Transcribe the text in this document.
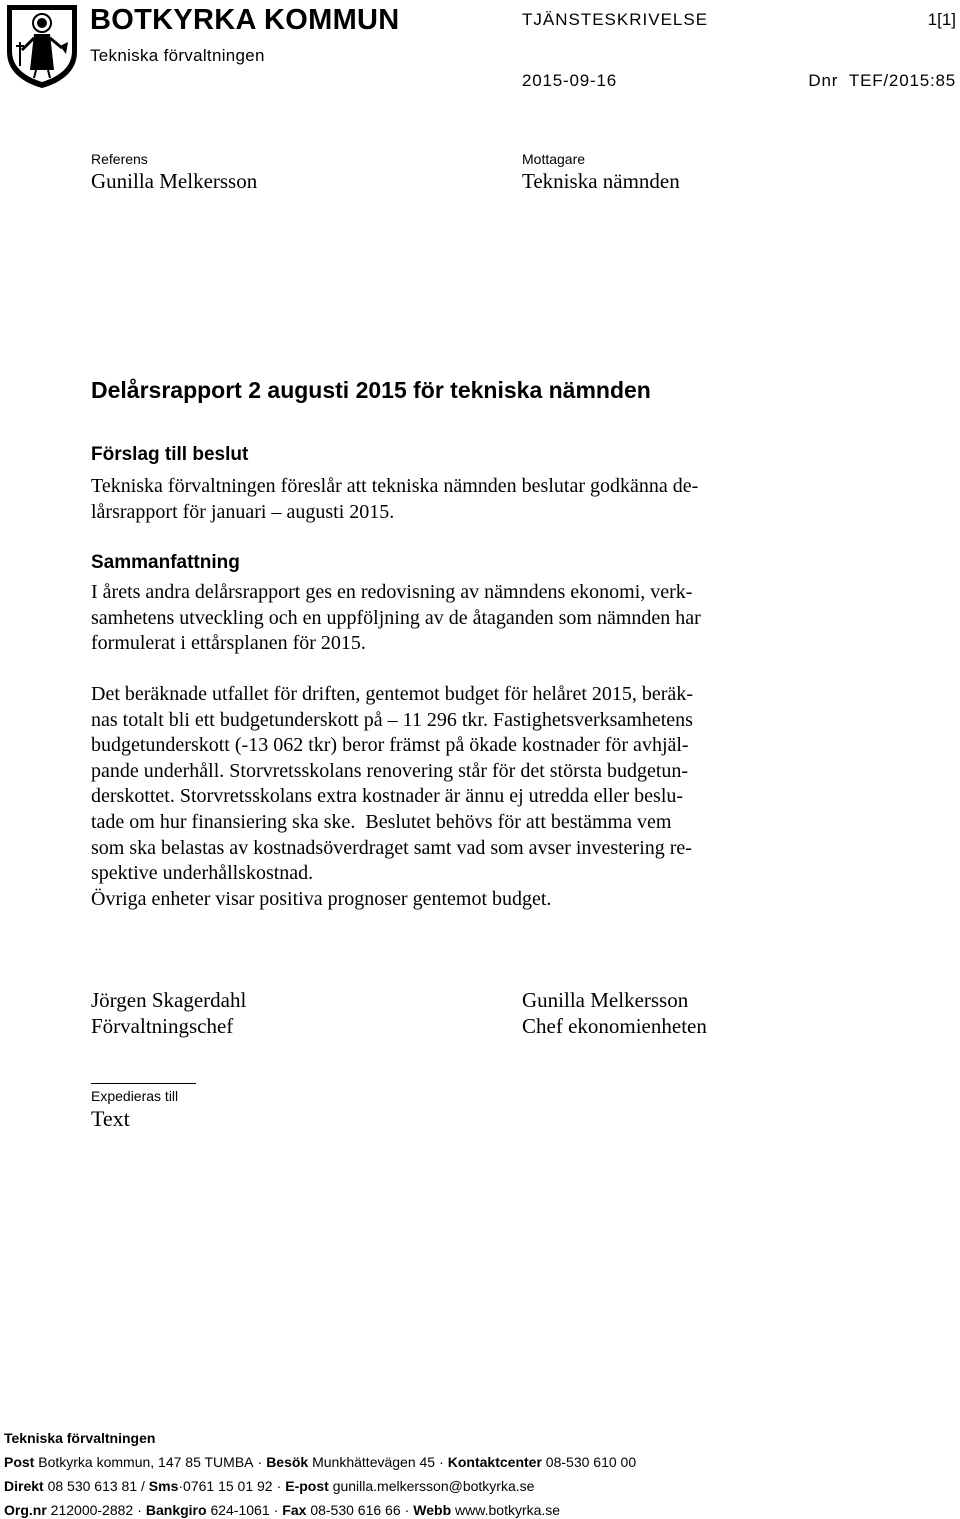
BOTKYRKA KOMMUN
Tekniska förvaltningen
TJÄNSTESKRIVELSE	1[1]
2015-09-16	Dnr  TEF/2015:85
Referens
Gunilla Melkersson
Mottagare
Tekniska nämnden
Delårsrapport 2 augusti 2015 för tekniska nämnden
Förslag till beslut
Tekniska förvaltningen föreslår att tekniska nämnden beslutar godkänna de-
lårsrapport för januari – augusti 2015.
Sammanfattning
I årets andra delårsrapport ges en redovisning av nämndens ekonomi, verk-
samhetens utveckling och en uppföljning av de åtaganden som nämnden har
formulerat i ettårsplanen för 2015.
Det beräknade utfallet för driften, gentemot budget för helåret 2015, beräk-
nas totalt bli ett budgetunderskott på – 11 296 tkr. Fastighetsverksamhetens
budgetunderskott (-13 062 tkr) beror främst på ökade kostnader för avhjäl-
pande underhåll. Storvretsskolans renovering står för det största budgetun-
derskottet. Storvretsskolans extra kostnader är ännu ej utredda eller beslu-
tade om hur finansiering ska ske.  Beslutet behövs för att bestämma vem
som ska belastas av kostnadsöverdraget samt vad som avser investering re-
spektive underhållskostnad.
Övriga enheter visar positiva prognoser gentemot budget.
Jörgen Skagerdahl
Förvaltningschef
Gunilla Melkersson
Chef ekonomienheten
Expedieras till
Text
Tekniska förvaltningen
Post Botkyrka kommun, 147 85 TUMBA · Besök Munkhättevägen 45 · Kontaktcenter 08-530 610 00
Direkt 08 530 613 81 / Sms·0761 15 01 92 · E-post gunilla.melkersson@botkyrka.se
Org.nr 212000-2882 · Bankgiro 624-1061 · Fax 08-530 616 66 · Webb www.botkyrka.se
